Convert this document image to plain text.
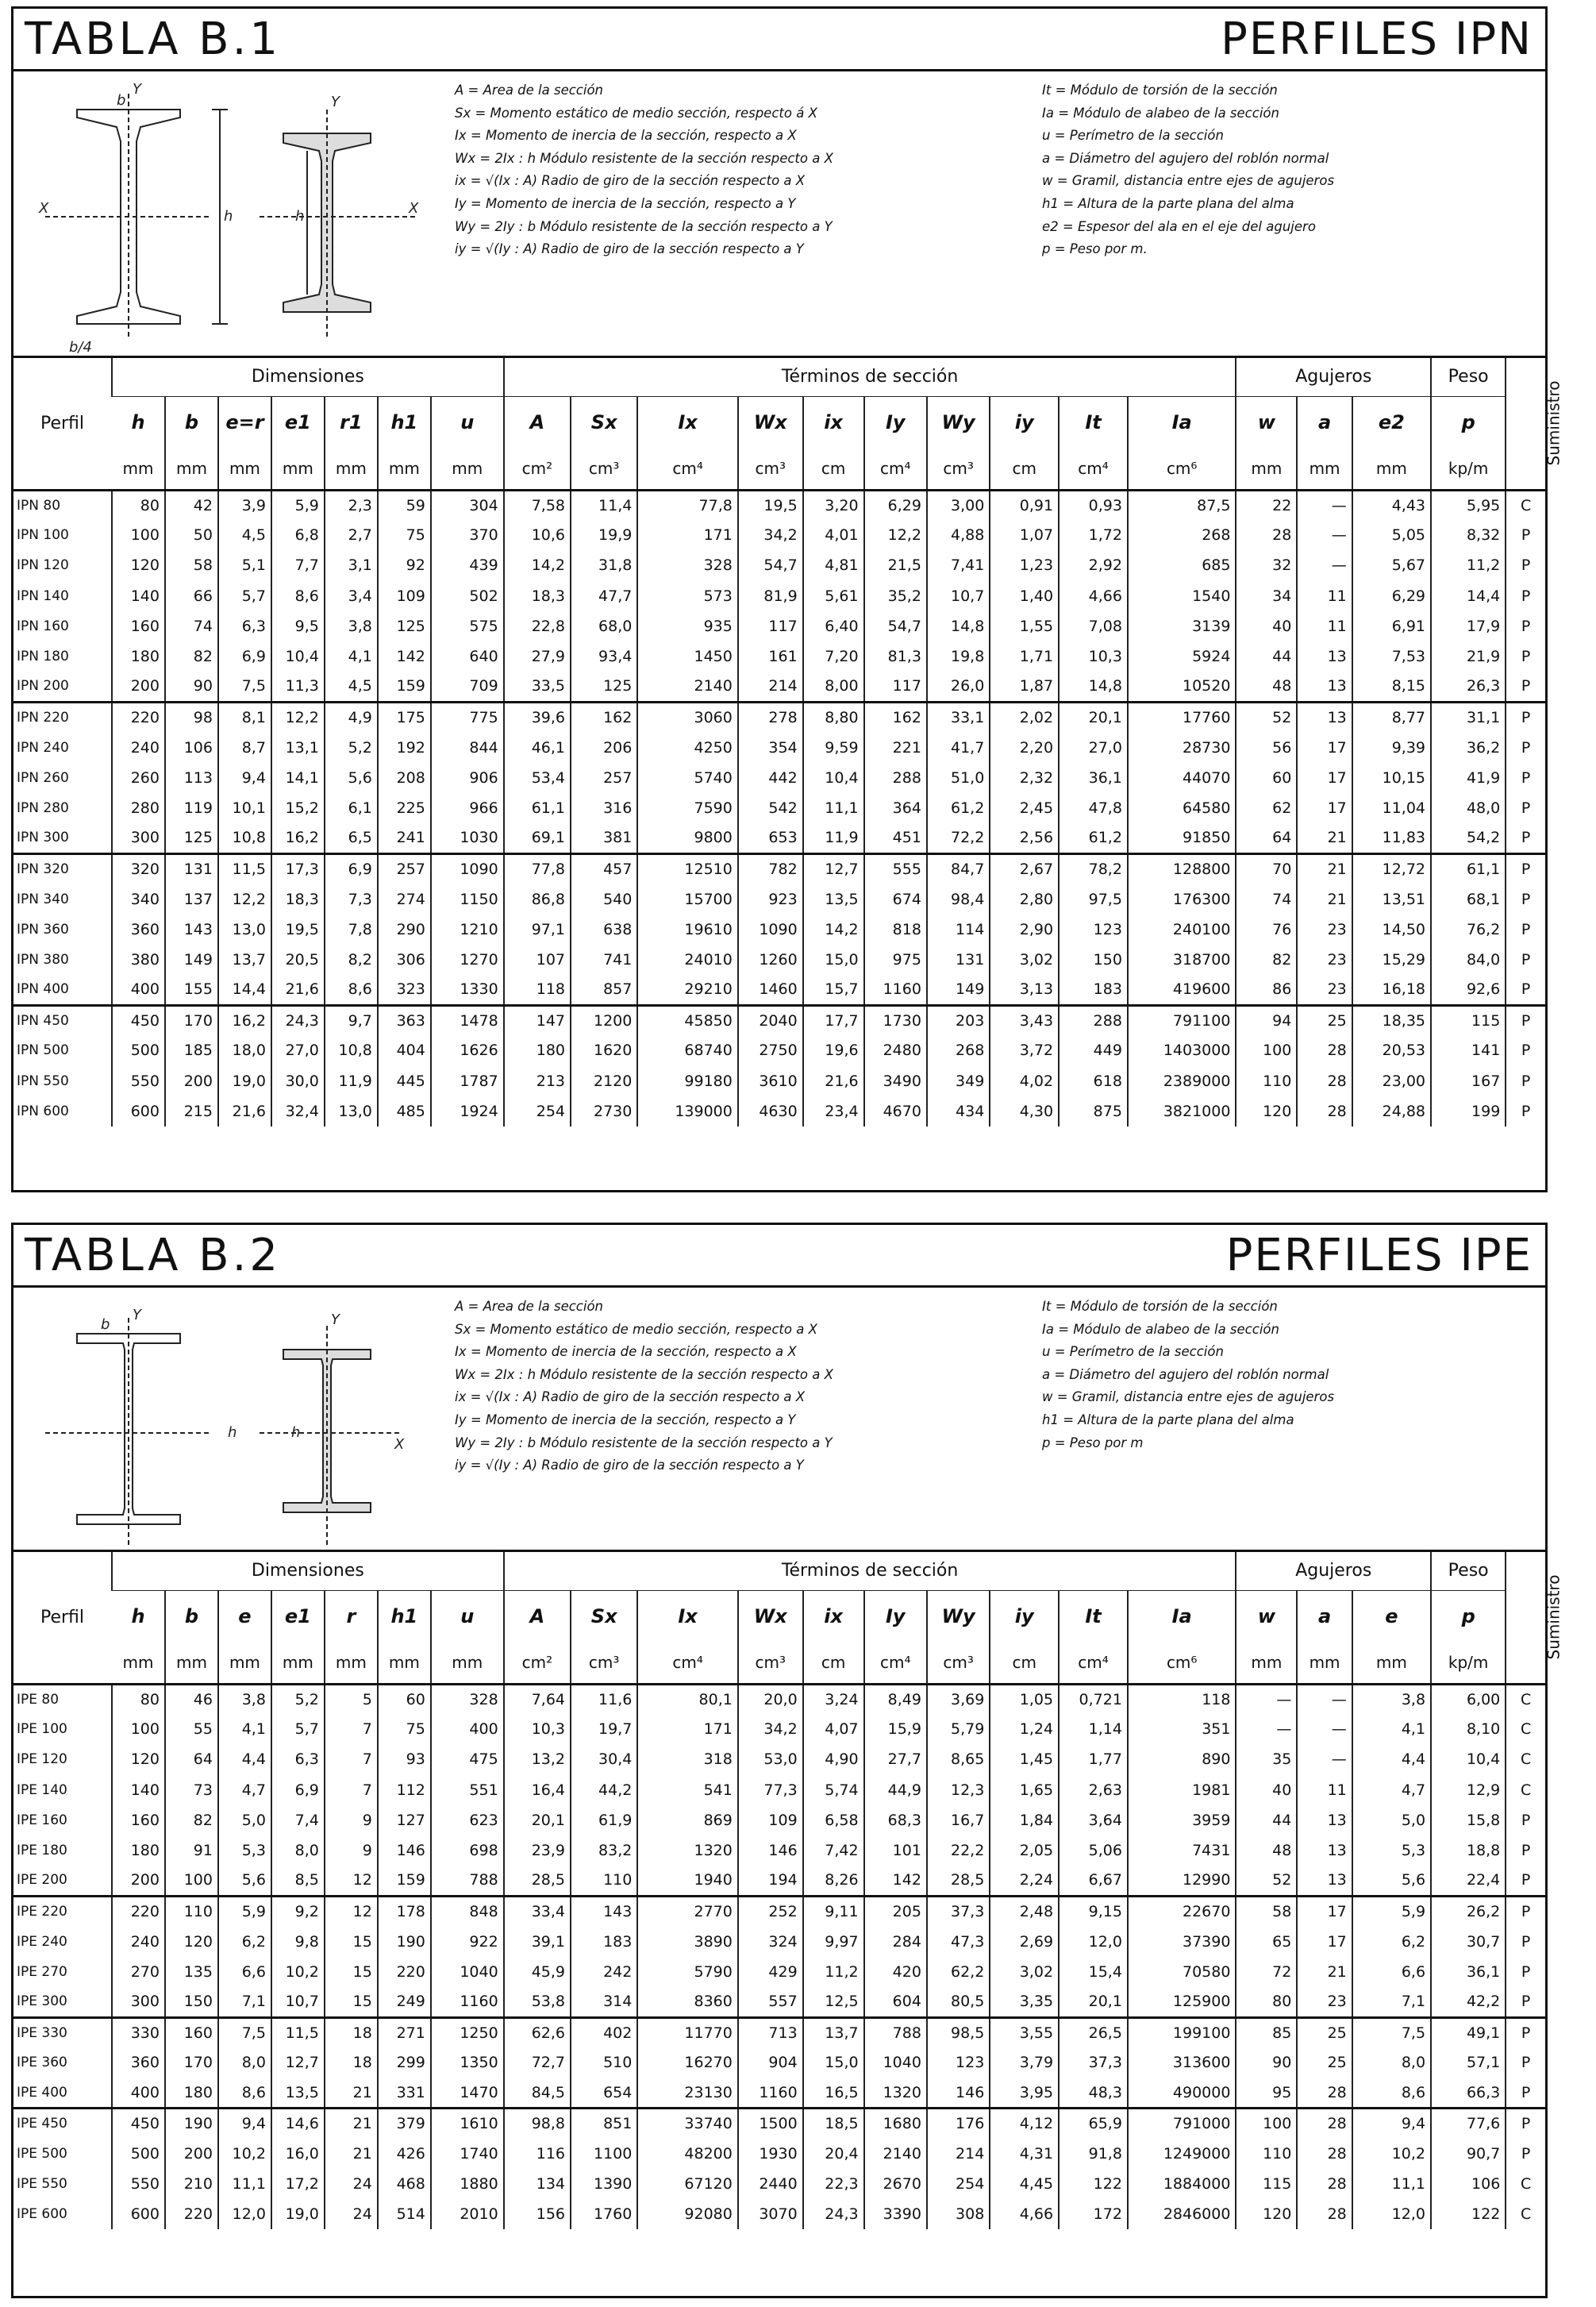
TABLA B.1	PERFILES IPN
b
Y
X	X
h	h
Y
b/4
A = Area de la sección
Sx = Momento estático de medio sección, respecto á X
Ix = Momento de inercia de la sección, respecto a X
Wx = 2Ix : h Módulo resistente de la sección respecto a X
ix = √(Ix : A) Radio de giro de la sección respecto a X
Iy = Momento de inercia de la sección, respecto a Y
Wy = 2Iy : b Módulo resistente de la sección respecto a Y
iy = √(Iy : A) Radio de giro de la sección respecto a Y
It = Módulo de torsión de la sección
Ia = Módulo de alabeo de la sección
u = Perímetro de la sección
a = Diámetro del agujero del roblón normal
w = Gramil, distancia entre ejes de agujeros
h1 = Altura de la parte plana del alma
e2 = Espesor del ala en el eje del agujero
p = Peso por m.
Perfil	Dimensiones							Términos de sección										Agujeros			Peso	Suministro
	h	b	e=r	e1	r1	h1	u	A	Sx	Ix	Wx	ix	Iy	Wy	iy	It	Ia	w	a	e2	p	
	mm	mm	mm	mm	mm	mm	mm	cm²	cm³	cm⁴	cm³	cm	cm⁴	cm³	cm	cm⁴	cm⁶	mm	mm	mm	kp/m	
IPN 80	80	42	3,9	5,9	2,3	59	304	7,58	11,4	77,8	19,5	3,20	6,29	3,00	0,91	0,93	87,5	22	—	4,43	5,95	C
IPN 100	100	50	4,5	6,8	2,7	75	370	10,6	19,9	171	34,2	4,01	12,2	4,88	1,07	1,72	268	28	—	5,05	8,32	P
IPN 120	120	58	5,1	7,7	3,1	92	439	14,2	31,8	328	54,7	4,81	21,5	7,41	1,23	2,92	685	32	—	5,67	11,2	P
IPN 140	140	66	5,7	8,6	3,4	109	502	18,3	47,7	573	81,9	5,61	35,2	10,7	1,40	4,66	1540	34	11	6,29	14,4	P
IPN 160	160	74	6,3	9,5	3,8	125	575	22,8	68,0	935	117	6,40	54,7	14,8	1,55	7,08	3139	40	11	6,91	17,9	P
IPN 180	180	82	6,9	10,4	4,1	142	640	27,9	93,4	1450	161	7,20	81,3	19,8	1,71	10,3	5924	44	13	7,53	21,9	P
IPN 200	200	90	7,5	11,3	4,5	159	709	33,5	125	2140	214	8,00	117	26,0	1,87	14,8	10520	48	13	8,15	26,3	P
IPN 220	220	98	8,1	12,2	4,9	175	775	39,6	162	3060	278	8,80	162	33,1	2,02	20,1	17760	52	13	8,77	31,1	P
IPN 240	240	106	8,7	13,1	5,2	192	844	46,1	206	4250	354	9,59	221	41,7	2,20	27,0	28730	56	17	9,39	36,2	P
IPN 260	260	113	9,4	14,1	5,6	208	906	53,4	257	5740	442	10,4	288	51,0	2,32	36,1	44070	60	17	10,15	41,9	P
IPN 280	280	119	10,1	15,2	6,1	225	966	61,1	316	7590	542	11,1	364	61,2	2,45	47,8	64580	62	17	11,04	48,0	P
IPN 300	300	125	10,8	16,2	6,5	241	1030	69,1	381	9800	653	11,9	451	72,2	2,56	61,2	91850	64	21	11,83	54,2	P
IPN 320	320	131	11,5	17,3	6,9	257	1090	77,8	457	12510	782	12,7	555	84,7	2,67	78,2	128800	70	21	12,72	61,1	P
IPN 340	340	137	12,2	18,3	7,3	274	1150	86,8	540	15700	923	13,5	674	98,4	2,80	97,5	176300	74	21	13,51	68,1	P
IPN 360	360	143	13,0	19,5	7,8	290	1210	97,1	638	19610	1090	14,2	818	114	2,90	123	240100	76	23	14,50	76,2	P
IPN 380	380	149	13,7	20,5	8,2	306	1270	107	741	24010	1260	15,0	975	131	3,02	150	318700	82	23	15,29	84,0	P
IPN 400	400	155	14,4	21,6	8,6	323	1330	118	857	29210	1460	15,7	1160	149	3,13	183	419600	86	23	16,18	92,6	P
IPN 450	450	170	16,2	24,3	9,7	363	1478	147	1200	45850	2040	17,7	1730	203	3,43	288	791100	94	25	18,35	115	P
IPN 500	500	185	18,0	27,0	10,8	404	1626	180	1620	68740	2750	19,6	2480	268	3,72	449	1403000	100	28	20,53	141	P
IPN 550	550	200	19,0	30,0	11,9	445	1787	213	2120	99180	3610	21,6	3490	349	4,02	618	2389000	110	28	23,00	167	P
IPN 600	600	215	21,6	32,4	13,0	485	1924	254	2730	139000	4630	23,4	4670	434	4,30	875	3821000	120	28	24,88	199	P
TABLA B.2	PERFILES IPE
b
Y
h	h
X
Y
A = Area de la sección
Sx = Momento estático de medio sección, respecto a X
Ix = Momento de inercia de la sección, respecto a X
Wx = 2Ix : h Módulo resistente de la sección respecto a X
ix = √(Ix : A) Radio de giro de la sección respecto a X
Iy = Momento de inercia de la sección, respecto a Y
Wy = 2Iy : b Módulo resistente de la sección respecto a Y
iy = √(Iy : A) Radio de giro de la sección respecto a Y
It = Módulo de torsión de la sección
Ia = Módulo de alabeo de la sección
u = Perímetro de la sección
a = Diámetro del agujero del roblón normal
w = Gramil, distancia entre ejes de agujeros
h1 = Altura de la parte plana del alma
p = Peso por m
Perfil	Dimensiones							Términos de sección										Agujeros			Peso	Suministro
	h	b	e	e1	r	h1	u	A	Sx	Ix	Wx	ix	Iy	Wy	iy	It	Ia	w	a	e	p	
	mm	mm	mm	mm	mm	mm	mm	cm²	cm³	cm⁴	cm³	cm	cm⁴	cm³	cm	cm⁴	cm⁶	mm	mm	mm	kp/m	
IPE 80	80	46	3,8	5,2	5	60	328	7,64	11,6	80,1	20,0	3,24	8,49	3,69	1,05	0,721	118	—	—	3,8	6,00	C
IPE 100	100	55	4,1	5,7	7	75	400	10,3	19,7	171	34,2	4,07	15,9	5,79	1,24	1,14	351	—	—	4,1	8,10	C
IPE 120	120	64	4,4	6,3	7	93	475	13,2	30,4	318	53,0	4,90	27,7	8,65	1,45	1,77	890	35	—	4,4	10,4	C
IPE 140	140	73	4,7	6,9	7	112	551	16,4	44,2	541	77,3	5,74	44,9	12,3	1,65	2,63	1981	40	11	4,7	12,9	C
IPE 160	160	82	5,0	7,4	9	127	623	20,1	61,9	869	109	6,58	68,3	16,7	1,84	3,64	3959	44	13	5,0	15,8	P
IPE 180	180	91	5,3	8,0	9	146	698	23,9	83,2	1320	146	7,42	101	22,2	2,05	5,06	7431	48	13	5,3	18,8	P
IPE 200	200	100	5,6	8,5	12	159	788	28,5	110	1940	194	8,26	142	28,5	2,24	6,67	12990	52	13	5,6	22,4	P
IPE 220	220	110	5,9	9,2	12	178	848	33,4	143	2770	252	9,11	205	37,3	2,48	9,15	22670	58	17	5,9	26,2	P
IPE 240	240	120	6,2	9,8	15	190	922	39,1	183	3890	324	9,97	284	47,3	2,69	12,0	37390	65	17	6,2	30,7	P
IPE 270	270	135	6,6	10,2	15	220	1040	45,9	242	5790	429	11,2	420	62,2	3,02	15,4	70580	72	21	6,6	36,1	P
IPE 300	300	150	7,1	10,7	15	249	1160	53,8	314	8360	557	12,5	604	80,5	3,35	20,1	125900	80	23	7,1	42,2	P
IPE 330	330	160	7,5	11,5	18	271	1250	62,6	402	11770	713	13,7	788	98,5	3,55	26,5	199100	85	25	7,5	49,1	P
IPE 360	360	170	8,0	12,7	18	299	1350	72,7	510	16270	904	15,0	1040	123	3,79	37,3	313600	90	25	8,0	57,1	P
IPE 400	400	180	8,6	13,5	21	331	1470	84,5	654	23130	1160	16,5	1320	146	3,95	48,3	490000	95	28	8,6	66,3	P
IPE 450	450	190	9,4	14,6	21	379	1610	98,8	851	33740	1500	18,5	1680	176	4,12	65,9	791000	100	28	9,4	77,6	P
IPE 500	500	200	10,2	16,0	21	426	1740	116	1100	48200	1930	20,4	2140	214	4,31	91,8	1249000	110	28	10,2	90,7	P
IPE 550	550	210	11,1	17,2	24	468	1880	134	1390	67120	2440	22,3	2670	254	4,45	122	1884000	115	28	11,1	106	C
IPE 600	600	220	12,0	19,0	24	514	2010	156	1760	92080	3070	24,3	3390	308	4,66	172	2846000	120	28	12,0	122	C
